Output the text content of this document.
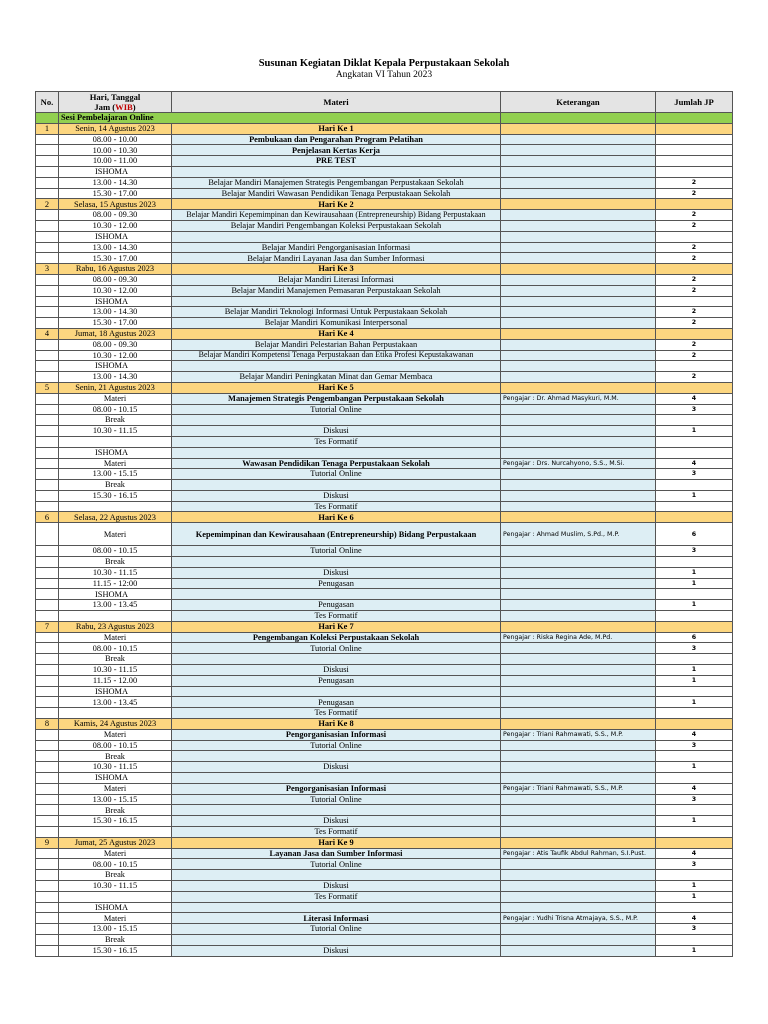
Susunan Kegiatan Diklat Kepala Perpustakaan Sekolah
Angkatan VI Tahun 2023
No.	Hari, Tanggal
Jam (WIB)	Materi	Keterangan	Jumlah JP
	Sesi Pembelajaran Online			
1	Senin, 14 Agustus 2023	Hari Ke 1		
	08.00 - 10.00	Pembukaan dan Pengarahan Program Pelatihan		
	10.00 - 10.30	Penjelasan Kertas Kerja		
	10.00 - 11.00	PRE TEST		
	ISHOMA			
	13.00 - 14.30	Belajar Mandiri Manajemen Strategis Pengembangan Perpustakaan Sekolah		2
	15.30 - 17.00	Belajar Mandiri Wawasan Pendidikan Tenaga Perpustakaan Sekolah		2
2	Selasa, 15 Agustus 2023	Hari Ke 2		
	08.00 - 09.30	Belajar Mandiri Kepemimpinan dan Kewirausahaan (Entrepreneurship) Bidang Perpustakaan		2
	10.30 - 12.00	Belajar Mandiri Pengembangan Koleksi Perpustakaan Sekolah		2
	ISHOMA			
	13.00 - 14.30	Belajar Mandiri Pengorganisasian Informasi		2
	15.30 - 17.00	Belajar Mandiri Layanan Jasa dan Sumber Informasi		2
3	Rabu, 16 Agustus 2023	Hari Ke 3		
	08.00 - 09.30	Belajar Mandiri Literasi Informasi		2
	10.30 - 12.00	Belajar Mandiri Manajemen Pemasaran Perpustakaan Sekolah		2
	ISHOMA			
	13.00 - 14.30	Belajar Mandiri Teknologi Informasi Untuk Perpustakaan Sekolah		2
	15.30 - 17.00	Belajar Mandiri Komunikasi Interpersonal		2
4	Jumat, 18 Agustus 2023	Hari Ke 4		
	08.00 - 09.30	Belajar Mandiri Pelestarian Bahan Perpustakaan		2
	10.30 - 12.00	Belajar Mandiri Kompetensi Tenaga Perpustakaan dan Etika Profesi Kepustakawanan		2
	ISHOMA			
	13.00 - 14.30	Belajar Mandiri Peningkatan Minat dan Gemar Membaca		2
5	Senin, 21 Agustus 2023	Hari Ke 5		
	Materi	Manajemen Strategis Pengembangan Perpustakaan Sekolah	Pengajar : Dr. Ahmad Masykuri, M.M.	4
	08.00 - 10.15	Tutorial Online		3
	Break			
	10.30 - 11.15	Diskusi		1
		Tes Formatif		
	ISHOMA			
	Materi	Wawasan Pendidikan Tenaga Perpustakaan Sekolah	Pengajar : Drs. Nurcahyono, S.S., M.Si.	4
	13.00 - 15.15	Tutorial Online		3
	Break			
	15.30 - 16.15	Diskusi		1
		Tes Formatif		
6	Selasa, 22 Agustus 2023	Hari Ke 6		
	Materi	Kepemimpinan dan Kewirausahaan (Entrepreneurship) Bidang Perpustakaan	Pengajar : Ahmad Muslim, S.Pd., M.P.	6
	08.00 - 10.15	Tutorial Online		3
	Break			
	10.30 - 11.15	Diskusi		1
	11.15 - 12:00	Penugasan		1
	ISHOMA			
	13.00 - 13.45	Penugasan		1
		Tes Formatif		
7	Rabu, 23 Agustus 2023	Hari Ke 7		
	Materi	Pengembangan Koleksi Perpustakaan Sekolah	Pengajar : Riska Regina Ade, M.Pd.	6
	08.00 - 10.15	Tutorial Online		3
	Break			
	10.30 - 11.15	Diskusi		1
	11.15 - 12.00	Penugasan		1
	ISHOMA			
	13.00 - 13.45	Penugasan		1
		Tes Formatif		
8	Kamis, 24 Agustus 2023	Hari Ke 8		
	Materi	Pengorganisasian Informasi	Pengajar : Triani Rahmawati, S.S., M.P.	4
	08.00 - 10.15	Tutorial Online		3
	Break			
	10.30 - 11.15	Diskusi		1
	ISHOMA			
	Materi	Pengorganisasian Informasi	Pengajar : Triani Rahmawati, S.S., M.P.	4
	13.00 - 15.15	Tutorial Online		3
	Break			
	15.30 - 16.15	Diskusi		1
		Tes Formatif		
9	Jumat, 25 Agustus 2023	Hari Ke 9		
	Materi	Layanan Jasa dan Sumber Informasi	Pengajar : Atis Taufik Abdul Rahman, S.I.Pust.	4
	08.00 - 10.15	Tutorial Online		3
	Break			
	10.30 - 11.15	Diskusi		1
		Tes Formatif		1
	ISHOMA			
	Materi	Literasi Informasi	Pengajar : Yudhi Trisna Atmajaya, S.S., M.P.	4
	13.00 - 15.15	Tutorial Online		3
	Break			
	15.30 - 16.15	Diskusi		1
